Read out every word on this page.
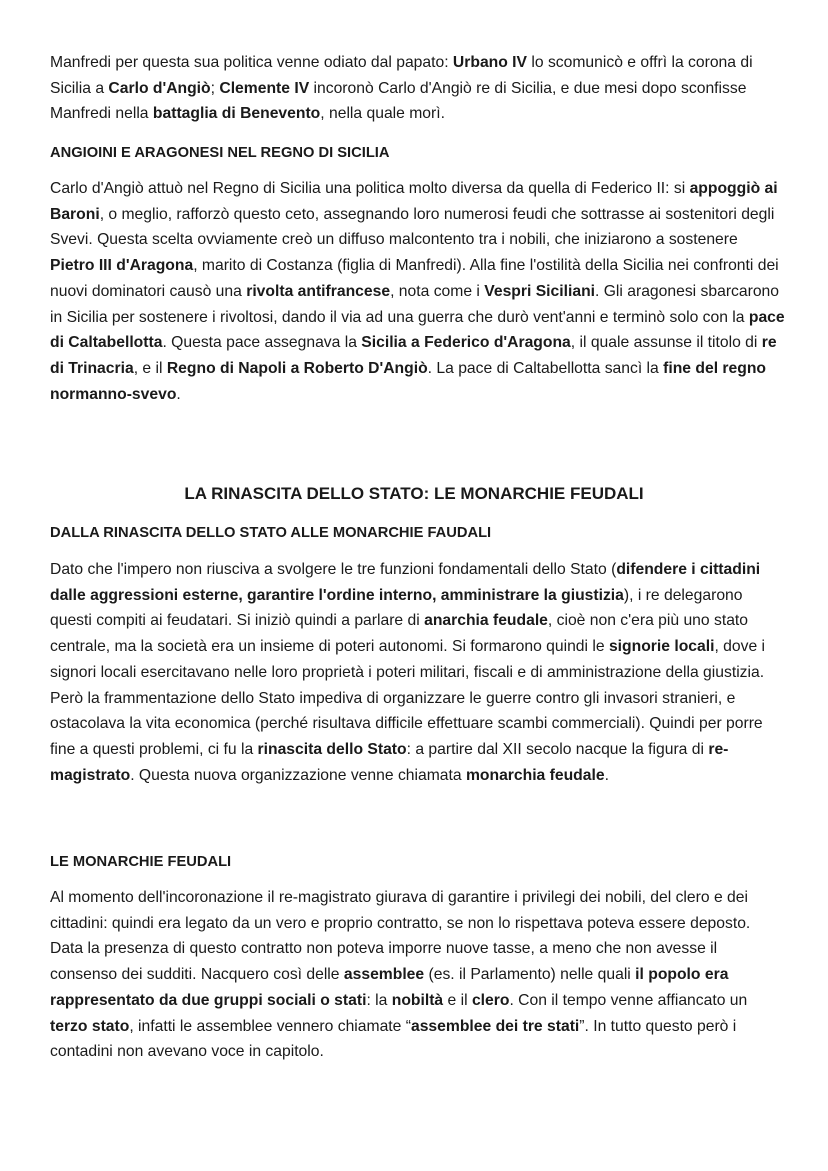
Manfredi per questa sua politica venne odiato dal papato: Urbano IV lo scomunicò e offrì la corona di Sicilia a Carlo d'Angiò; Clemente IV incoronò Carlo d'Angiò re di Sicilia, e due mesi dopo sconfisse Manfredi nella battaglia di Benevento, nella quale morì.

ANGIOINI E ARAGONESI NEL REGNO DI SICILIA

Carlo d'Angiò attuò nel Regno di Sicilia una politica molto diversa da quella di Federico II: si appoggiò ai Baroni, o meglio, rafforzò questo ceto, assegnando loro numerosi feudi che sottrasse ai sostenitori degli Svevi. Questa scelta ovviamente creò un diffuso malcontento tra i nobili, che iniziarono a sostenere Pietro III d'Aragona, marito di Costanza (figlia di Manfredi). Alla fine l'ostilità della Sicilia nei confronti dei nuovi dominatori causò una rivolta antifrancese, nota come i Vespri Siciliani. Gli aragonesi sbarcarono in Sicilia per sostenere i rivoltosi, dando il via ad una guerra che durò vent'anni e terminò solo con la pace di Caltabellotta. Questa pace assegnava la Sicilia a Federico d'Aragona, il quale assunse il titolo di re di Trinacria, e il Regno di Napoli a Roberto D'Angiò. La pace di Caltabellotta sancì la fine del regno normanno-svevo.

LA RINASCITA DELLO STATO: LE MONARCHIE FEUDALI
DALLA RINASCITA DELLO STATO ALLE MONARCHIE FAUDALI

Dato che l'impero non riusciva a svolgere le tre funzioni fondamentali dello Stato (difendere i cittadini dalle aggressioni esterne, garantire l'ordine interno, amministrare la giustizia), i re delegarono questi compiti ai feudatari. Si iniziò quindi a parlare di anarchia feudale, cioè non c'era più uno stato centrale, ma la società era un insieme di poteri autonomi. Si formarono quindi le signorie locali, dove i signori locali esercitavano nelle loro proprietà i poteri militari, fiscali e di amministrazione della giustizia. Però la frammentazione dello Stato impediva di organizzare le guerre contro gli invasori stranieri, e ostacolava la vita economica (perché risultava difficile effettuare scambi commerciali). Quindi per porre fine a questi problemi, ci fu la rinascita dello Stato: a partire dal XII secolo nacque la figura di re-magistrato. Questa nuova organizzazione venne chiamata monarchia feudale.

LE MONARCHIE FEUDALI

Al momento dell'incoronazione il re-magistrato giurava di garantire i privilegi dei nobili, del clero e dei cittadini: quindi era legato da un vero e proprio contratto, se non lo rispettava poteva essere deposto. Data la presenza di questo contratto non poteva imporre nuove tasse, a meno che non avesse il consenso dei sudditi. Nacquero così delle assemblee (es. il Parlamento) nelle quali il popolo era rappresentato da due gruppi sociali o stati: la nobiltà e il clero. Con il tempo venne affiancato un terzo stato, infatti le assemblee vennero chiamate “assemblee dei tre stati”. In tutto questo però i contadini non avevano voce in capitolo.
